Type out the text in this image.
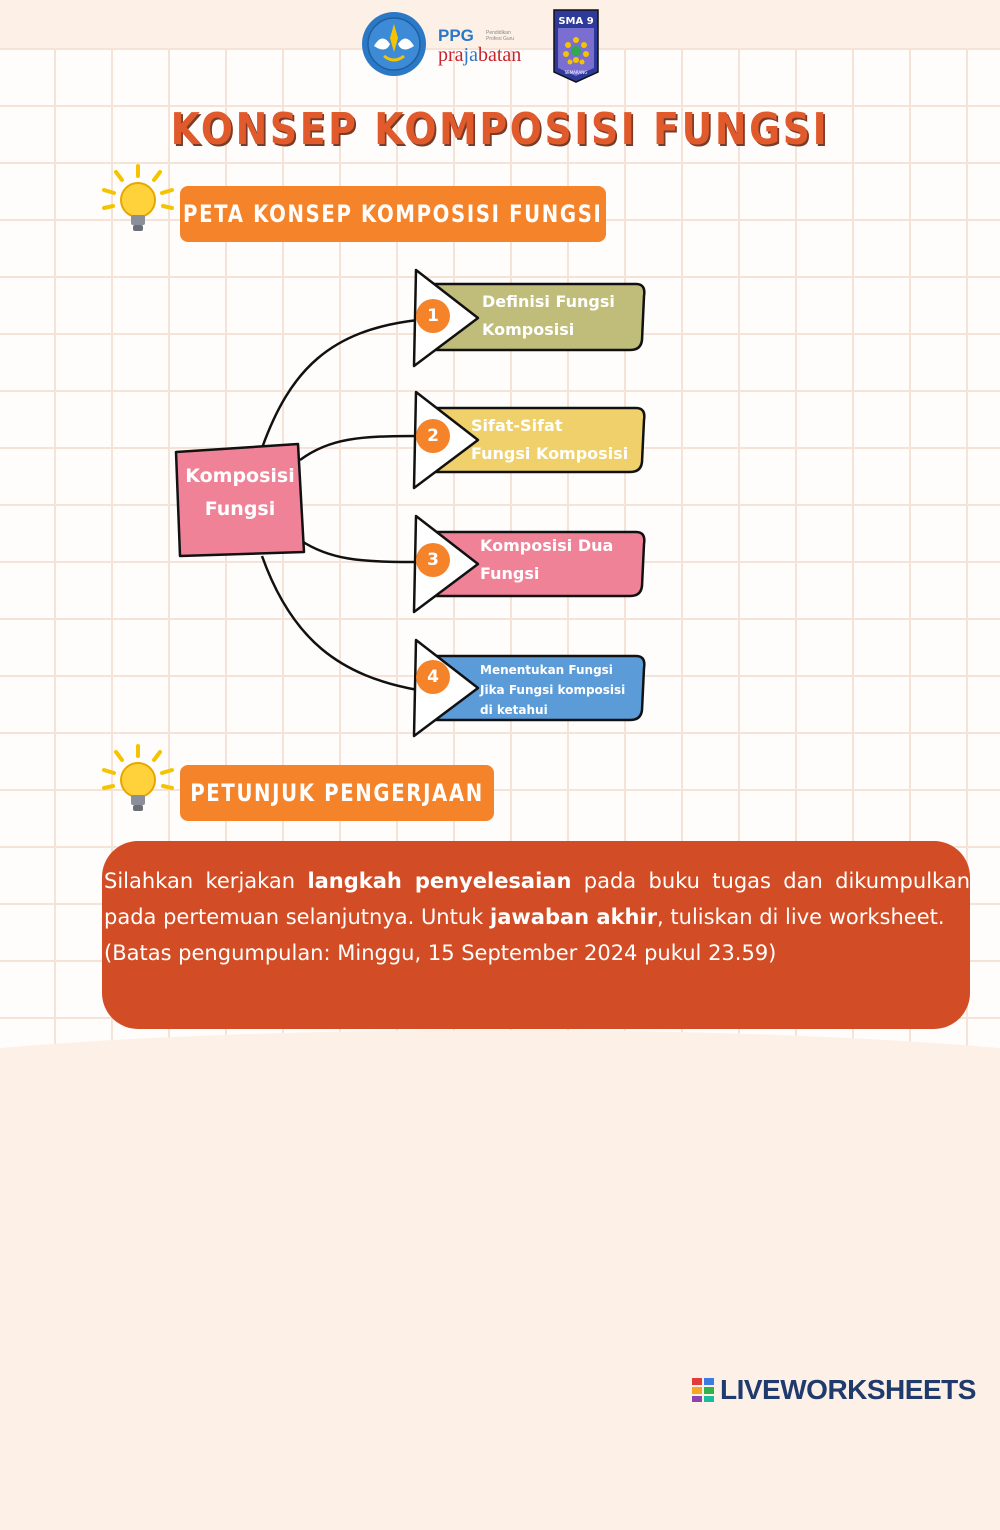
PPG	Pendidikan Profesi Guru
prajabatan
SMA 9
SEMARANG
KONSEP KOMPOSISI FUNGSI
PETA KONSEP KOMPOSISI FUNGSI
Komposisi
Fungsi
1
Definisi Fungsi
Komposisi
2
Sifat-Sifat
Fungsi Komposisi
3
Komposisi Dua
Fungsi
4	Menentukan Fungsi
Jika Fungsi komposisi
di ketahui
PETUNJUK PENGERJAAN

Silahkan kerjakan langkah penyelesaian pada buku tugas dan dikumpulkan pada pertemuan selanjutnya. Untuk jawaban akhir, tuliskan di live worksheet.

(Batas pengumpulan: Minggu, 15 September 2024 pukul 23.59)

LIVEWORKSHEETS
